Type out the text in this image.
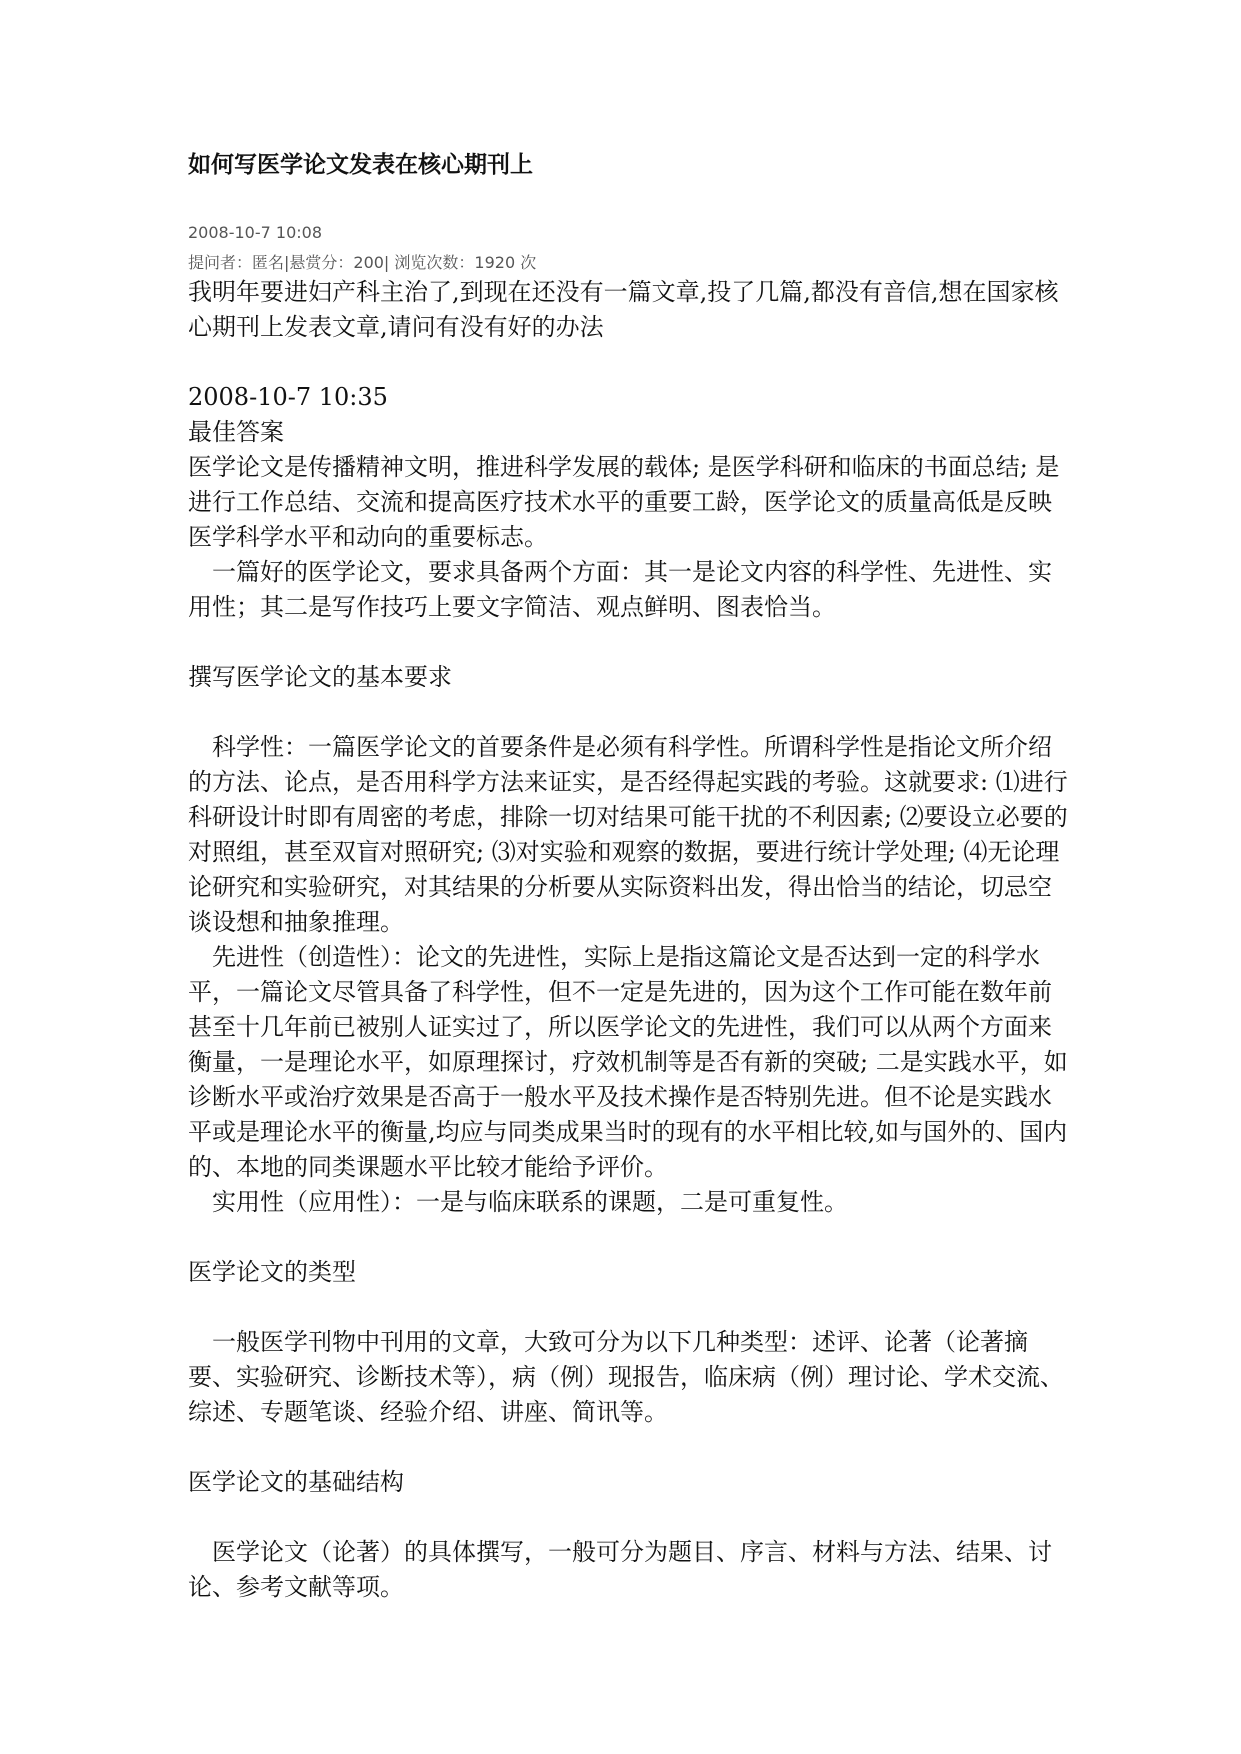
如何写医学论文发表在核心期刊上
2008-10-7 10:08
提问者：匿名|悬赏分：200| 浏览次数：1920 次

我明年要进妇产科主治了,到现在还没有一篇文章,投了几篇,都没有音信,想在国家核心期刊上发表文章,请问有没有好的办法

2008-10-7 10:35

最佳答案

医学论文是传播精神文明，推进科学发展的载体; 是医学科研和临床的书面总结; 是进行工作总结、交流和提高医疗技术水平的重要工龄，医学论文的质量高低是反映医学科学水平和动向的重要标志。

一篇好的医学论文，要求具备两个方面：其一是论文内容的科学性、先进性、实用性；其二是写作技巧上要文字简洁、观点鲜明、图表恰当。

撰写医学论文的基本要求

科学性：一篇医学论文的首要条件是必须有科学性。所谓科学性是指论文所介绍的方法、论点，是否用科学方法来证实，是否经得起实践的考验。这就要求: ⑴进行科研设计时即有周密的考虑，排除一切对结果可能干扰的不利因素; ⑵要设立必要的对照组，甚至双盲对照研究; ⑶对实验和观察的数据，要进行统计学处理; ⑷无论理论研究和实验研究，对其结果的分析要从实际资料出发，得出恰当的结论，切忌空谈设想和抽象推理。

先进性（创造性）：论文的先进性，实际上是指这篇论文是否达到一定的科学水平，一篇论文尽管具备了科学性，但不一定是先进的，因为这个工作可能在数年前甚至十几年前已被别人证实过了，所以医学论文的先进性，我们可以从两个方面来衡量，一是理论水平，如原理探讨，疗效机制等是否有新的突破; 二是实践水平，如诊断水平或治疗效果是否高于一般水平及技术操作是否特别先进。但不论是实践水平或是理论水平的衡量,均应与同类成果当时的现有的水平相比较,如与国外的、国内的、本地的同类课题水平比较才能给予评价。

实用性（应用性）：一是与临床联系的课题，二是可重复性。

医学论文的类型

一般医学刊物中刊用的文章，大致可分为以下几种类型：述评、论著（论著摘要、实验研究、诊断技术等），病（例）现报告，临床病（例）理讨论、学术交流、综述、专题笔谈、经验介绍、讲座、简讯等。

医学论文的基础结构

医学论文（论著）的具体撰写，一般可分为题目、序言、材料与方法、结果、讨论、参考文献等项。
